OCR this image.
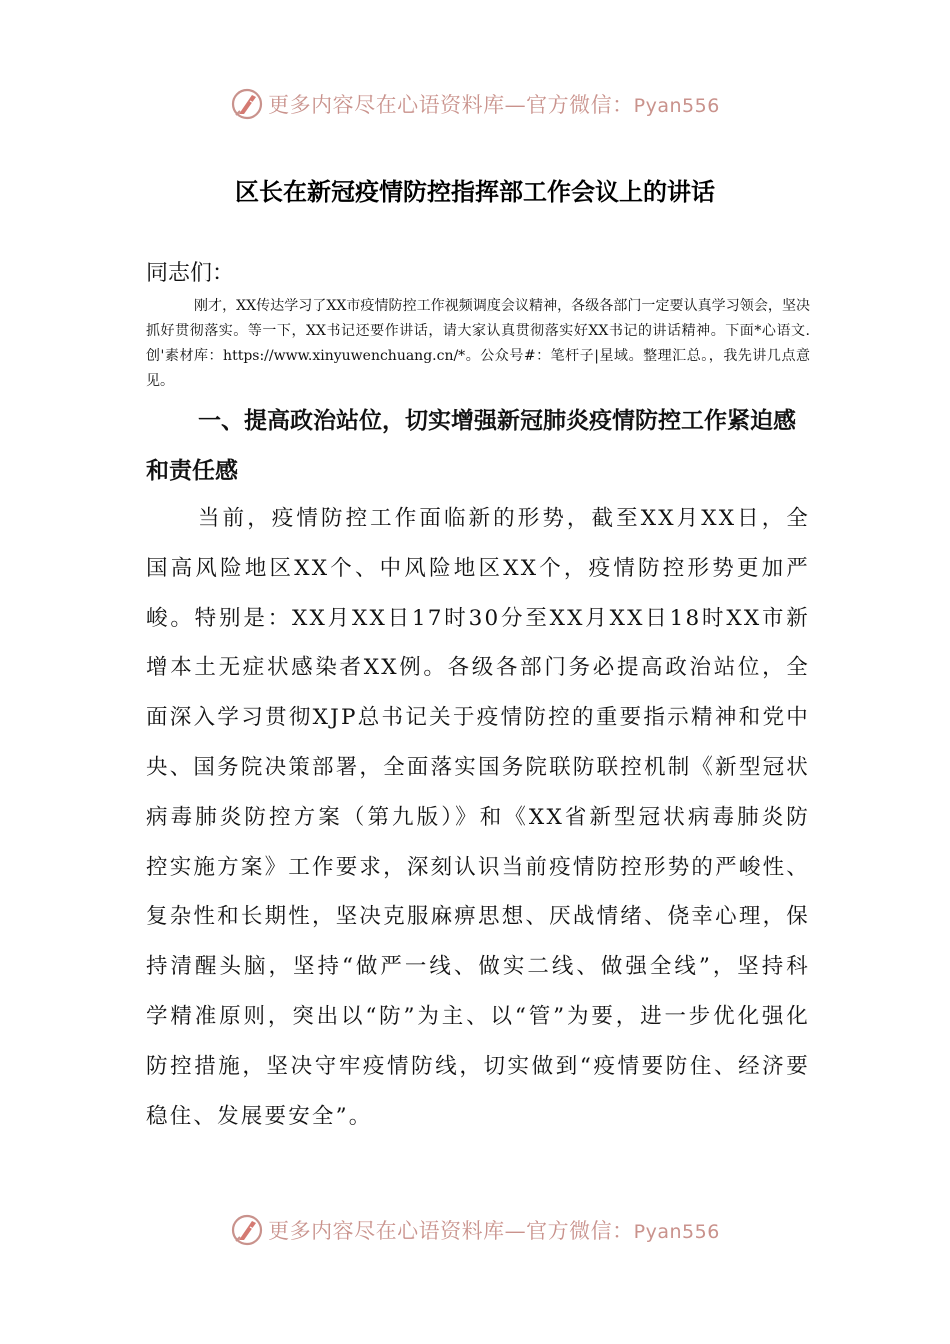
更多内容尽在心语资料库—官方微信：Pyan556
区长在新冠疫情防控指挥部工作会议上的讲话

同志们：

刚才，XX传达学习了XX市疫情防控工作视频调度会议精神，各级各部门一定要认真学习领会，坚决抓好贯彻落实。等一下，XX书记还要作讲话，请大家认真贯彻落实好XX书记的讲话精神。下面*心语文.创'素材库：https://www.xinyuwenchuang.cn/*。公众号#：笔杆子|星域。整理汇总。，我先讲几点意见。

一、提高政治站位，切实增强新冠肺炎疫情防控工作紧迫感和责任感

当前，疫情防控工作面临新的形势，截至XX月XX日，全国高风险地区XX个、中风险地区XX个，疫情防控形势更加严峻。特别是：XX月XX日17时30分至XX月XX日18时XX市新增本土无症状感染者XX例。各级各部门务必提高政治站位，全面深入学习贯彻XJP总书记关于疫情防控的重要指示精神和党中央、国务院决策部署，全面落实国务院联防联控机制《新型冠状病毒肺炎防控方案（第九版）》和《XX省新型冠状病毒肺炎防控实施方案》工作要求，深刻认识当前疫情防控形势的严峻性、复杂性和长期性，坚决克服麻痹思想、厌战情绪、侥幸心理，保持清醒头脑，坚持“做严一线、做实二线、做强全线”，坚持科学精准原则，突出以“防”为主、以“管”为要，进一步优化强化防控措施，坚决守牢疫情防线，切实做到“疫情要防住、经济要稳住、发展要安全”。

更多内容尽在心语资料库—官方微信：Pyan556
